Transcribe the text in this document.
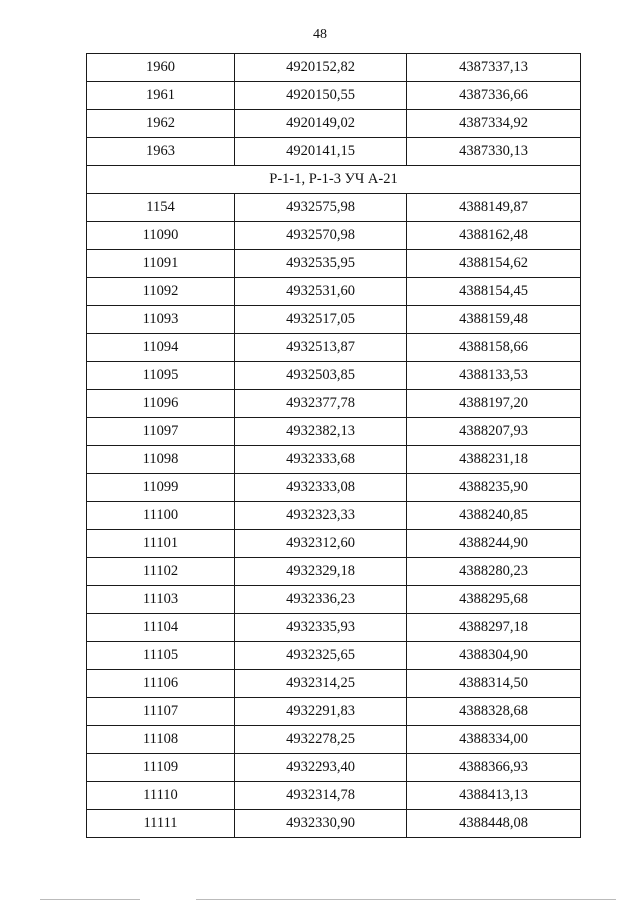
48
1960	4920152,82	4387337,13
1961	4920150,55	4387336,66
1962	4920149,02	4387334,92
1963	4920141,15	4387330,13
Р-1-1, Р-1-3 УЧ А-21		
1154	4932575,98	4388149,87
11090	4932570,98	4388162,48
11091	4932535,95	4388154,62
11092	4932531,60	4388154,45
11093	4932517,05	4388159,48
11094	4932513,87	4388158,66
11095	4932503,85	4388133,53
11096	4932377,78	4388197,20
11097	4932382,13	4388207,93
11098	4932333,68	4388231,18
11099	4932333,08	4388235,90
11100	4932323,33	4388240,85
11101	4932312,60	4388244,90
11102	4932329,18	4388280,23
11103	4932336,23	4388295,68
11104	4932335,93	4388297,18
11105	4932325,65	4388304,90
11106	4932314,25	4388314,50
11107	4932291,83	4388328,68
11108	4932278,25	4388334,00
11109	4932293,40	4388366,93
11110	4932314,78	4388413,13
11111	4932330,90	4388448,08
